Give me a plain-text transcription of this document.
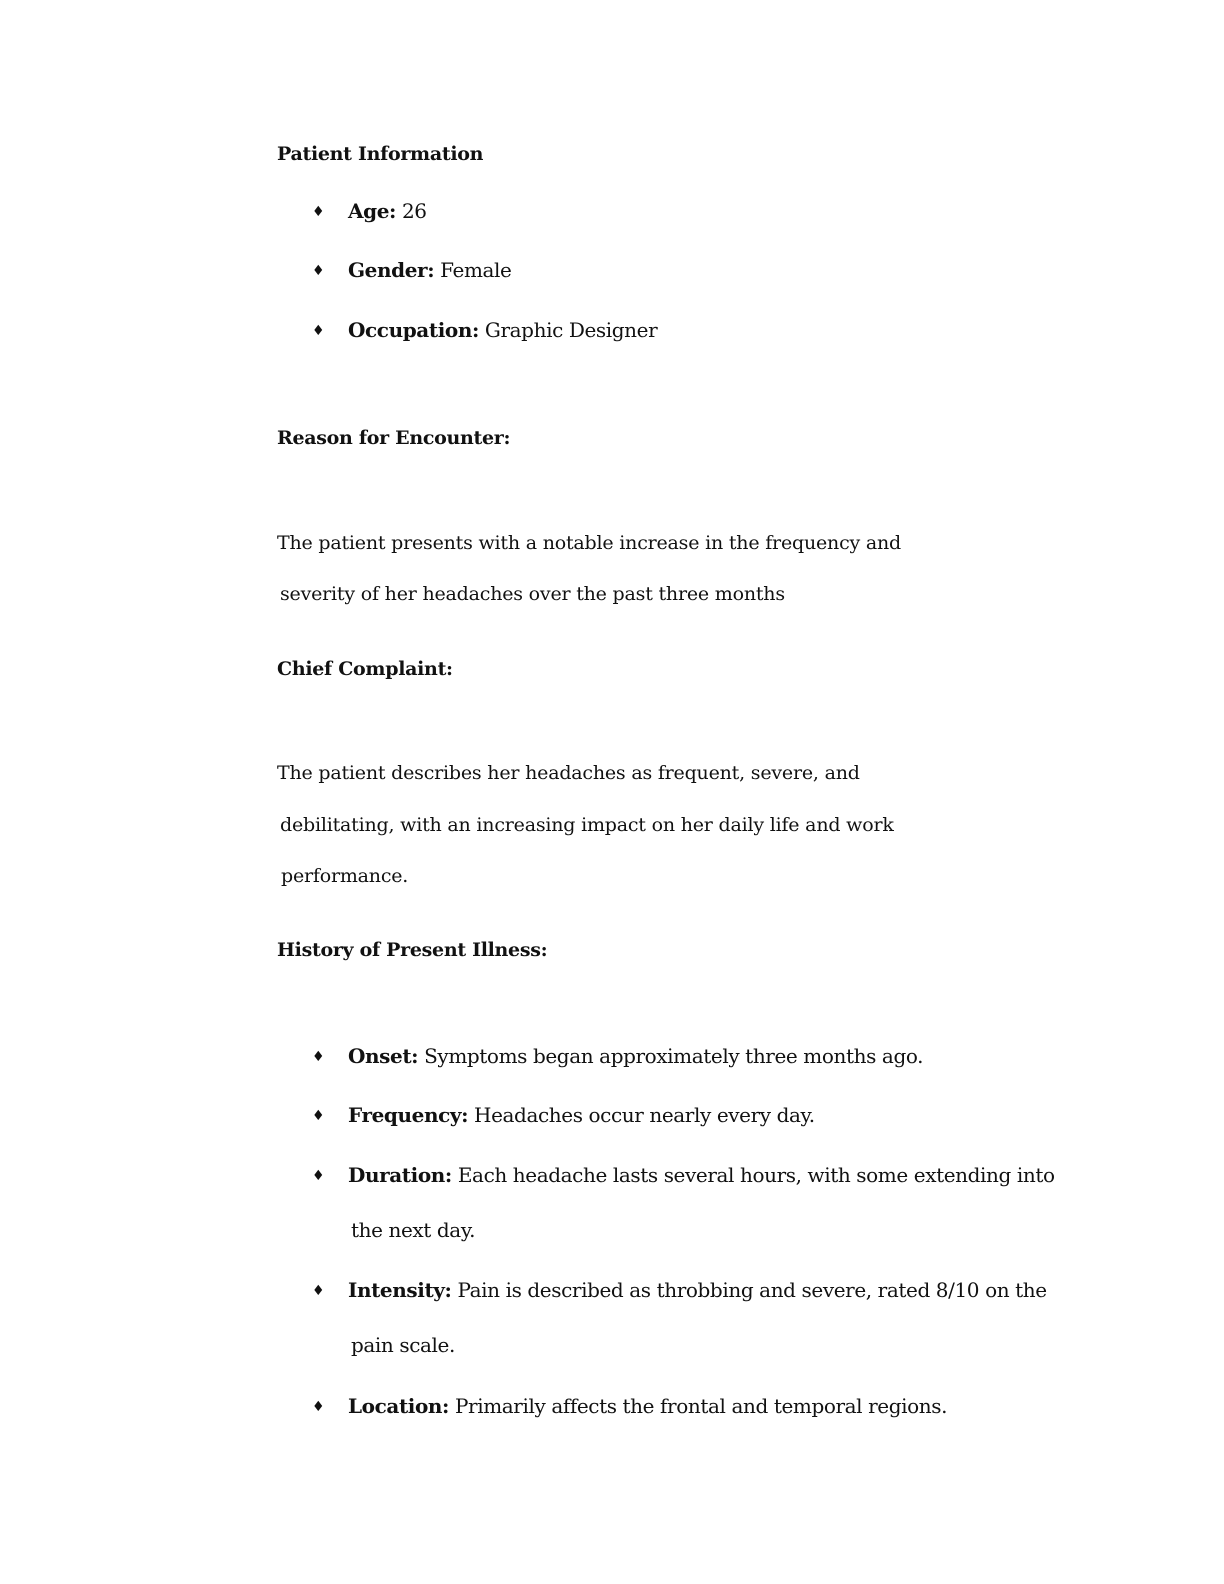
Patient Information
♦ Age: 26
♦ Gender: Female
♦ Occupation: Graphic Designer
Reason for Encounter:
The patient presents with a notable increase in the frequency and
severity of her headaches over the past three months
Chief Complaint:
The patient describes her headaches as frequent, severe, and
debilitating, with an increasing impact on her daily life and work
performance.
History of Present Illness:
♦ Onset: Symptoms began approximately three months ago.
♦ Frequency: Headaches occur nearly every day.
♦ Duration: Each headache lasts several hours, with some extending into
the next day.
♦ Intensity: Pain is described as throbbing and severe, rated 8/10 on the
pain scale.
♦ Location: Primarily affects the frontal and temporal regions.
